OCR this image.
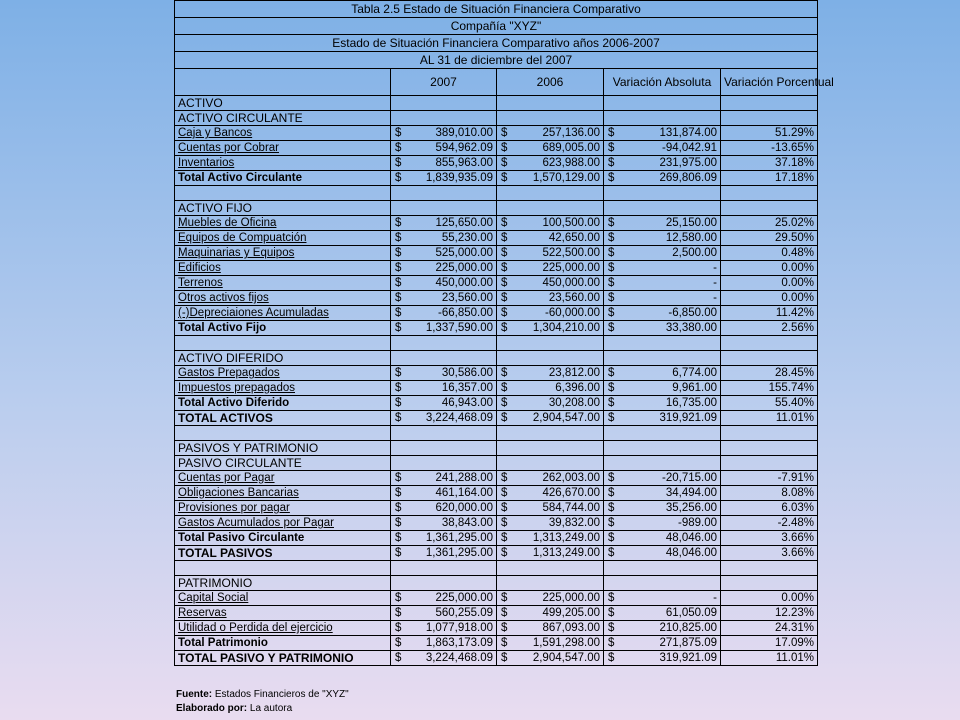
Tabla 2.5 Estado de Situación Financiera Comparativo				
Compañía "XYZ"				
Estado de Situación Financiera Comparativo años 2006-2007				
AL 31 de diciembre del 2007				
	2007	2006	Variación Absoluta	Variación Porcentual
ACTIVO				
ACTIVO CIRCULANTE				
Caja y Bancos	$ 389,010.00	$ 257,136.00	$ 131,874.00	51.29%
Cuentas por Cobrar	$ 594,962.09	$ 689,005.00	$ -94,042.91	-13.65%
Inventarios	$ 855,963.00	$ 623,988.00	$ 231,975.00	37.18%
Total Activo Circulante	$ 1,839,935.09	$ 1,570,129.00	$ 269,806.09	17.18%

ACTIVO FIJO				
Muebles de Oficina	$ 125,650.00	$ 100,500.00	$ 25,150.00	25.02%
Equipos de Compuatción	$ 55,230.00	$ 42,650.00	$ 12,580.00	29.50%
Maquinarias y Equipos	$ 525,000.00	$ 522,500.00	$ 2,500.00	0.48%
Edificios	$ 225,000.00	$ 225,000.00	$ -	0.00%
Terrenos	$ 450,000.00	$ 450,000.00	$ -	0.00%
Otros activos fijos	$ 23,560.00	$ 23,560.00	$ -	0.00%
(-)Depreciaiones Acumuladas	$ -66,850.00	$ -60,000.00	$ -6,850.00	11.42%
Total Activo Fijo	$ 1,337,590.00	$ 1,304,210.00	$ 33,380.00	2.56%

ACTIVO DIFERIDO				
Gastos Prepagados	$ 30,586.00	$ 23,812.00	$ 6,774.00	28.45%
Impuestos prepagados	$ 16,357.00	$ 6,396.00	$ 9,961.00	155.74%
Total Activo Diferido	$ 46,943.00	$ 30,208.00	$ 16,735.00	55.40%
TOTAL ACTIVOS	$ 3,224,468.09	$ 2,904,547.00	$ 319,921.09	11.01%

PASIVOS Y PATRIMONIO				
PASIVO CIRCULANTE				
Cuentas por Pagar	$ 241,288.00	$ 262,003.00	$ -20,715.00	-7.91%
Obligaciones Bancarias	$ 461,164.00	$ 426,670.00	$ 34,494.00	8.08%
Provisiones por pagar	$ 620,000.00	$ 584,744.00	$ 35,256.00	6.03%
Gastos Acumulados por Pagar	$ 38,843.00	$ 39,832.00	$ -989.00	-2.48%
Total Pasivo Circulante	$ 1,361,295.00	$ 1,313,249.00	$ 48,046.00	3.66%
TOTAL PASIVOS	$ 1,361,295.00	$ 1,313,249.00	$ 48,046.00	3.66%

PATRIMONIO				
Capital Social	$ 225,000.00	$ 225,000.00	$ -	0.00%
Reservas	$ 560,255.09	$ 499,205.00	$ 61,050.09	12.23%
Utilidad o Perdida del ejercicio	$ 1,077,918.00	$ 867,093.00	$ 210,825.00	24.31%
Total Patrimonio	$ 1,863,173.09	$ 1,591,298.00	$ 271,875.09	17.09%
TOTAL PASIVO Y PATRIMONIO	$ 3,224,468.09	$ 2,904,547.00	$ 319,921.09	11.01%
Fuente: Estados Financieros de "XYZ"
Elaborado por: La autora
